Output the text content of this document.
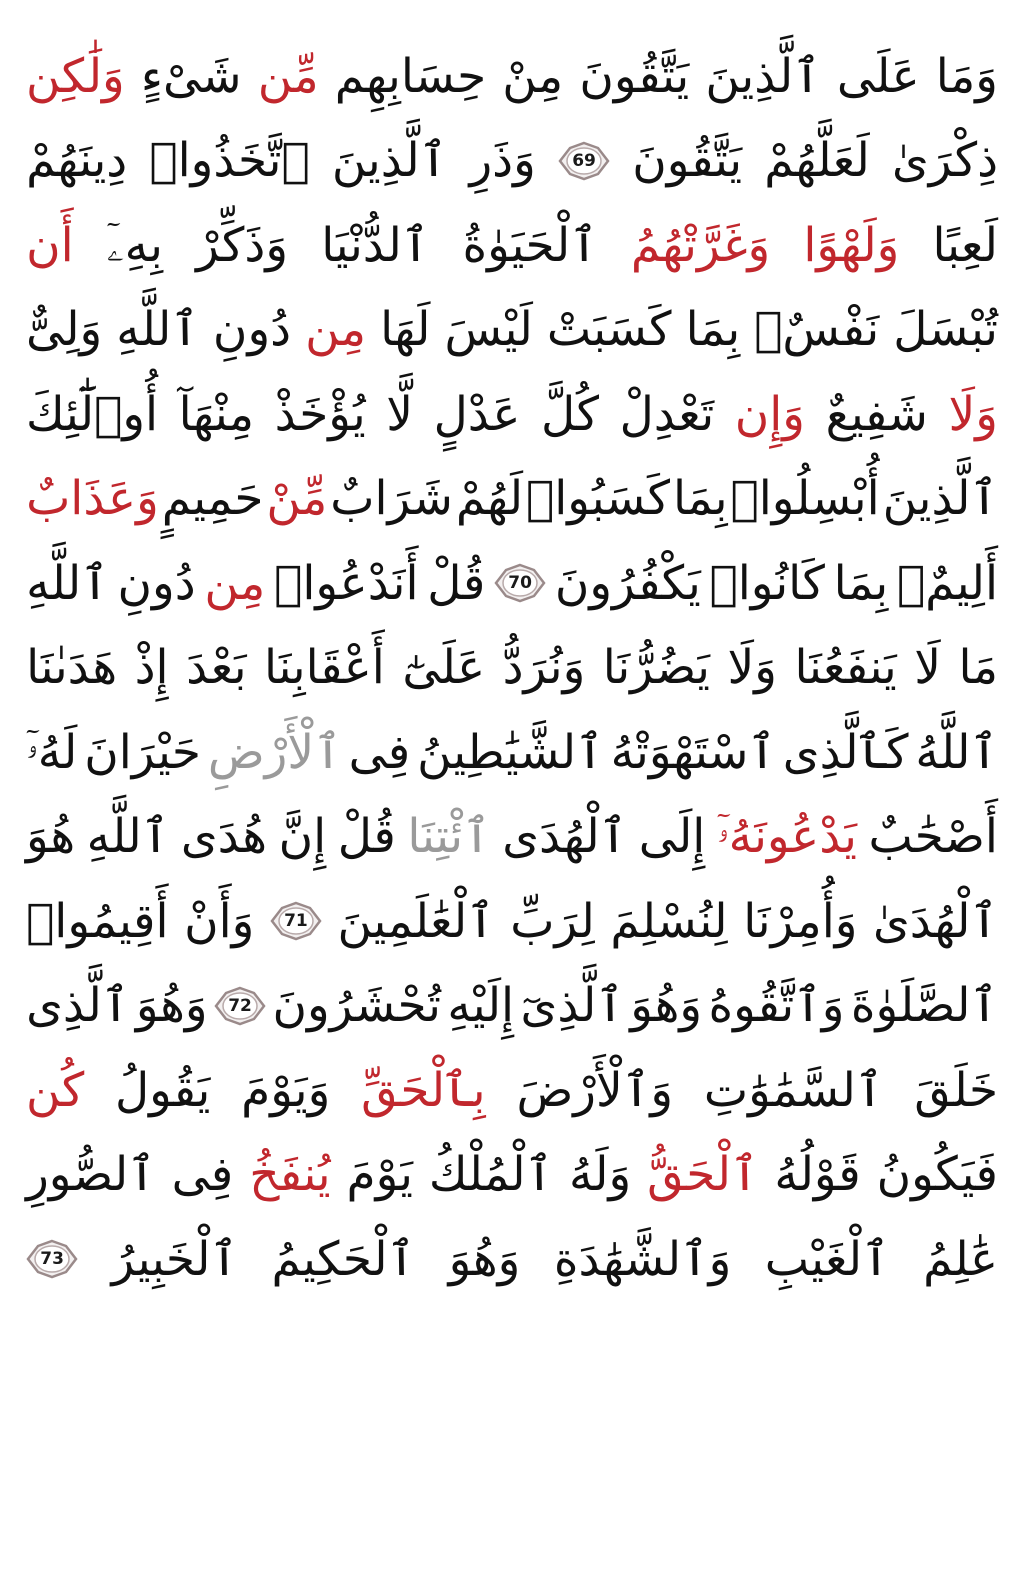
وَمَا
عَلَى
ٱلَّذِينَ
يَتَّقُونَ
مِنْ
حِسَابِهِم
مِّن
شَىْءٍ
وَلَٰكِن
ذِكْرَىٰ
لَعَلَّهُمْ
يَتَّقُونَ
69
وَذَرِ
ٱلَّذِينَ
ٱتَّخَذُوا۟
دِينَهُمْ
لَعِبًا
وَلَهْوًا
وَغَرَّتْهُمُ
ٱلْحَيَوٰةُ
ٱلدُّنْيَا
وَذَكِّرْ
بِهِۦٓ
أَن
تُبْسَلَ
نَفْسٌۢ
بِمَا
كَسَبَتْ
لَيْسَ
لَهَا
مِن
دُونِ
ٱللَّهِ
وَلِىٌّ
وَلَا
شَفِيعٌ
وَإِن
تَعْدِلْ
كُلَّ
عَدْلٍ
لَّا
يُؤْخَذْ
مِنْهَآ
أُو۟لَٰٓئِكَ
ٱلَّذِينَ
أُبْسِلُوا۟
بِمَا
كَسَبُوا۟
لَهُمْ
شَرَابٌ
مِّنْ
حَمِيمٍ
وَعَذَابٌ
أَلِيمٌۢ
بِمَا
كَانُوا۟
يَكْفُرُونَ
70
قُلْ
أَنَدْعُوا۟
مِن
دُونِ
ٱللَّهِ
مَا
لَا
يَنفَعُنَا
وَلَا
يَضُرُّنَا
وَنُرَدُّ
عَلَىٰٓ
أَعْقَابِنَا
بَعْدَ
إِذْ
هَدَىٰنَا
ٱللَّهُ
كَٱلَّذِى
ٱسْتَهْوَتْهُ
ٱلشَّيَٰطِينُ
فِى
ٱلْأَرْضِ
حَيْرَانَ
لَهُۥٓ
أَصْحَٰبٌ
يَدْعُونَهُۥٓ
إِلَى
ٱلْهُدَى
ٱئْتِنَا
قُلْ
إِنَّ
هُدَى
ٱللَّهِ
هُوَ
ٱلْهُدَىٰ
وَأُمِرْنَا
لِنُسْلِمَ
لِرَبِّ
ٱلْعَٰلَمِينَ
71
وَأَنْ
أَقِيمُوا۟
ٱلصَّلَوٰةَ
وَٱتَّقُوهُ
وَهُوَ
ٱلَّذِىٓ
إِلَيْهِ
تُحْشَرُونَ
72
وَهُوَ
ٱلَّذِى
خَلَقَ
ٱلسَّمَٰوَٰتِ
وَٱلْأَرْضَ
بِٱلْحَقِّ
وَيَوْمَ
يَقُولُ
كُن
فَيَكُونُ
قَوْلُهُ
ٱلْحَقُّ
وَلَهُ
ٱلْمُلْكُ
يَوْمَ
يُنفَخُ
فِى
ٱلصُّورِ
عَٰلِمُ
ٱلْغَيْبِ
وَٱلشَّهَٰدَةِ
وَهُوَ
ٱلْحَكِيمُ
ٱلْخَبِيرُ
73
